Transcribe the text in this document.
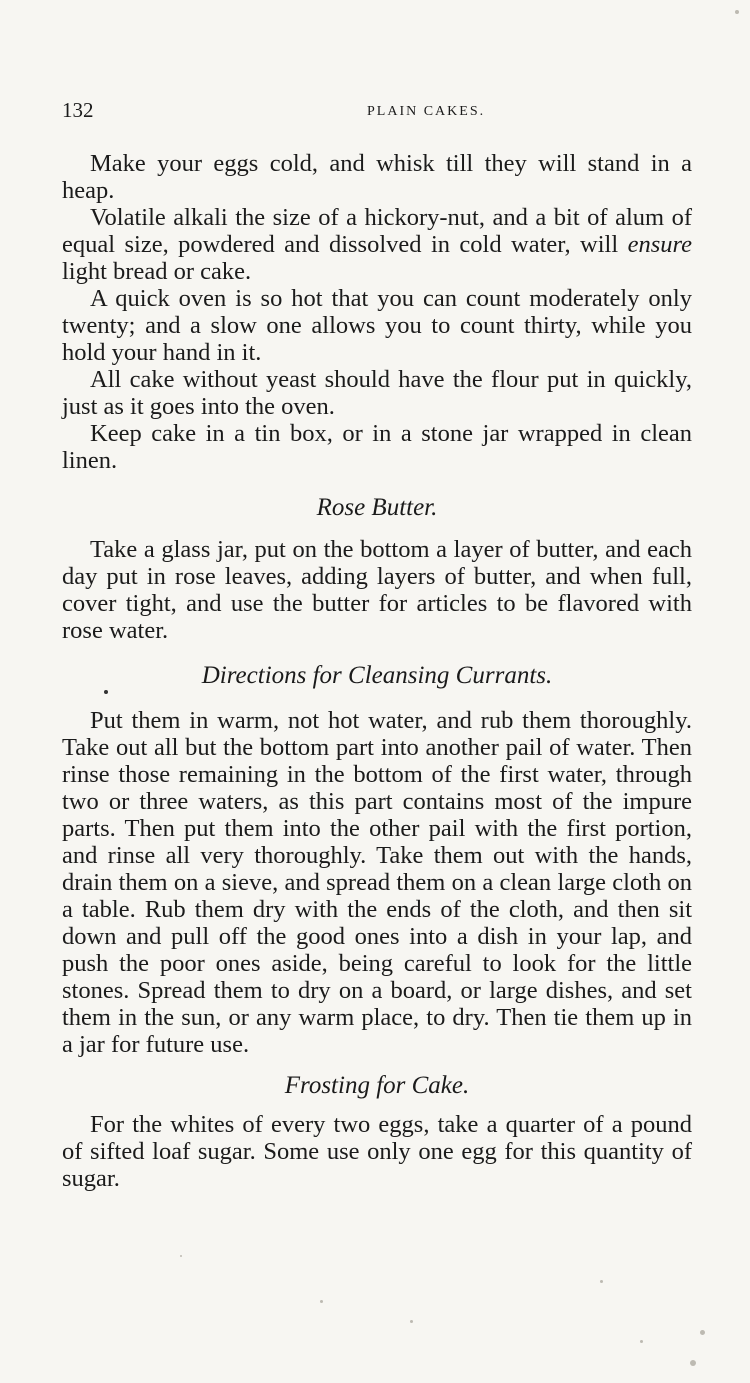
132	PLAIN CAKES.

Make your eggs cold, and whisk till they will stand in a heap.

Volatile alkali the size of a hickory-nut, and a bit of alum of equal size, powdered and dissolved in cold water, will ensure light bread or cake.

A quick oven is so hot that you can count moderately only twenty; and a slow one allows you to count thirty, while you hold your hand in it.

All cake without yeast should have the flour put in quickly, just as it goes into the oven.

Keep cake in a tin box, or in a stone jar wrapped in clean linen.

Rose Butter.

Take a glass jar, put on the bottom a layer of butter, and each day put in rose leaves, adding layers of butter, and when full, cover tight, and use the butter for articles to be flavored with rose water.

Directions for Cleansing Currants.

Put them in warm, not hot water, and rub them thoroughly. Take out all but the bottom part into another pail of water. Then rinse those remaining in the bottom of the first water, through two or three waters, as this part contains most of the impure parts. Then put them into the other pail with the first portion, and rinse all very thoroughly. Take them out with the hands, drain them on a sieve, and spread them on a clean large cloth on a table. Rub them dry with the ends of the cloth, and then sit down and pull off the good ones into a dish in your lap, and push the poor ones aside, being careful to look for the little stones. Spread them to dry on a board, or large dishes, and set them in the sun, or any warm place, to dry. Then tie them up in a jar for future use.

Frosting for Cake.

For the whites of every two eggs, take a quarter of a pound of sifted loaf sugar. Some use only one egg for this quantity of sugar.
